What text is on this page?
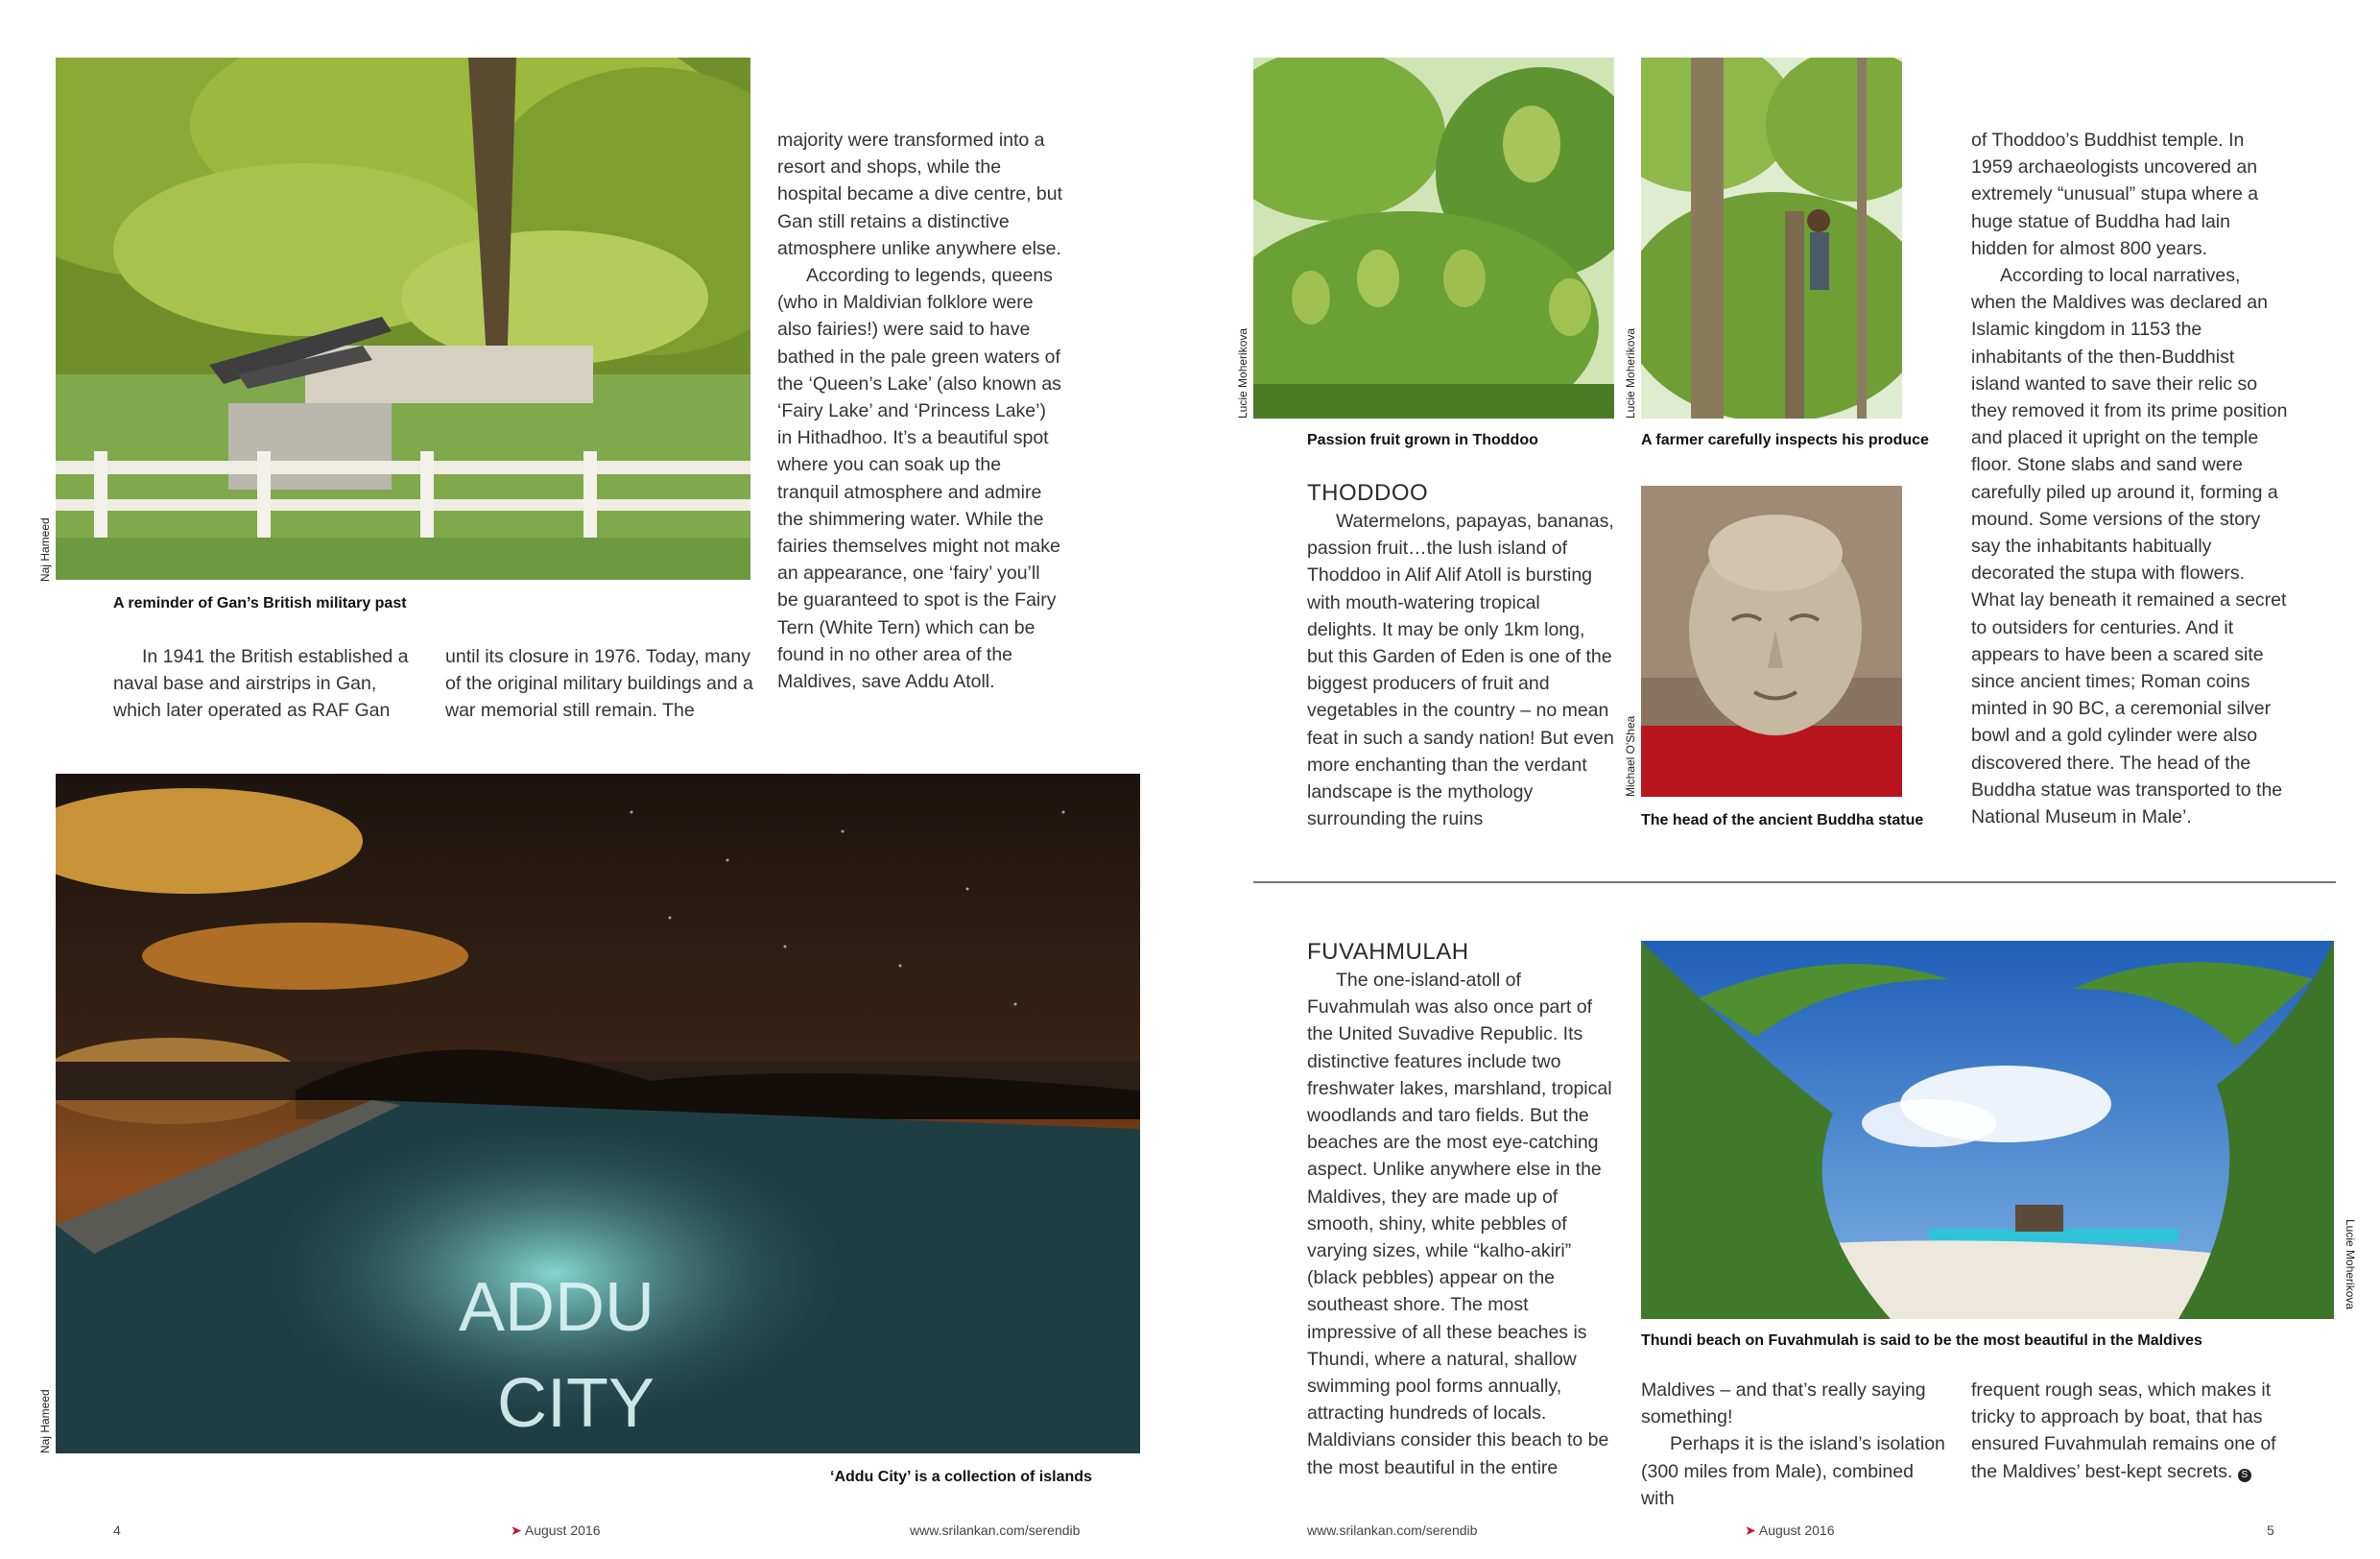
Naj Hameed
A reminder of Gan’s British military past

In 1941 the British established a naval base and airstrips in Gan, which later operated as RAF Gan

until its closure in 1976. Today, many of the original military buildings and a war memorial still remain. The

majority were transformed into a resort and shops, while the hospital became a dive centre, but Gan still retains a distinctive atmosphere unlike anywhere else.

According to legends, queens (who in Maldivian folklore were also fairies!) were said to have bathed in the pale green waters of the ‘Queen’s Lake’ (also known as ‘Fairy Lake’ and ‘Princess Lake’) in Hithadhoo. It’s a beautiful spot where you can soak up the tranquil atmosphere and admire the shimmering water. While the fairies themselves might not make an appearance, one ‘fairy’ you’ll be guaranteed to spot is the Fairy Tern (White Tern) which can be found in no other area of the Maldives, save Addu Atoll.

ADDU
CITY
Naj Hameed
‘Addu City’ is a collection of islands
4	➤ August 2016	www.srilankan.com/serendib
Lucie Moherikova
Passion fruit grown in Thoddoo
Lucie Moherikova
A farmer carefully inspects his produce
Michael O'Shea
The head of the ancient Buddha statue
THODDOO

Watermelons, papayas, bananas, passion fruit…the lush island of Thoddoo in Alif Alif Atoll is bursting with mouth-watering tropical delights. It may be only 1km long, but this Garden of Eden is one of the biggest producers of fruit and vegetables in the country – no mean feat in such a sandy nation! But even more enchanting than the verdant landscape is the mythology surrounding the ruins

of Thoddoo’s Buddhist temple. In 1959 archaeologists uncovered an extremely “unusual” stupa where a huge statue of Buddha had lain hidden for almost 800 years.

According to local narratives, when the Maldives was declared an Islamic kingdom in 1153 the inhabitants of the then-Buddhist island wanted to save their relic so they removed it from its prime position and placed it upright on the temple floor. Stone slabs and sand were carefully piled up around it, forming a mound. Some versions of the story say the inhabitants habitually decorated the stupa with flowers. What lay beneath it remained a secret to outsiders for centuries. And it appears to have been a scared site since ancient times; Roman coins minted in 90 BC, a ceremonial silver bowl and a gold cylinder were also discovered there. The head of the Buddha statue was transported to the National Museum in Male’.

FUVAHMULAH

The one-island-atoll of Fuvahmulah was also once part of the United Suvadive Republic. Its distinctive features include two freshwater lakes, marshland, tropical woodlands and taro fields. But the beaches are the most eye-catching aspect. Unlike anywhere else in the Maldives, they are made up of smooth, shiny, white pebbles of varying sizes, while “kalho-akiri” (black pebbles) appear on the southeast shore. The most impressive of all these beaches is Thundi, where a natural, shallow swimming pool forms annually, attracting hundreds of locals. Maldivians consider this beach to be the most beautiful in the entire

Lucie Moherikova
Thundi beach on Fuvahmulah is said to be the most beautiful in the Maldives

Maldives – and that’s really saying something!

Perhaps it is the island’s isolation (300 miles from Male), combined with

frequent rough seas, which makes it tricky to approach by boat, that has ensured Fuvahmulah remains one of the Maldives’ best-kept secrets. S

www.srilankan.com/serendib	➤ August 2016	5
